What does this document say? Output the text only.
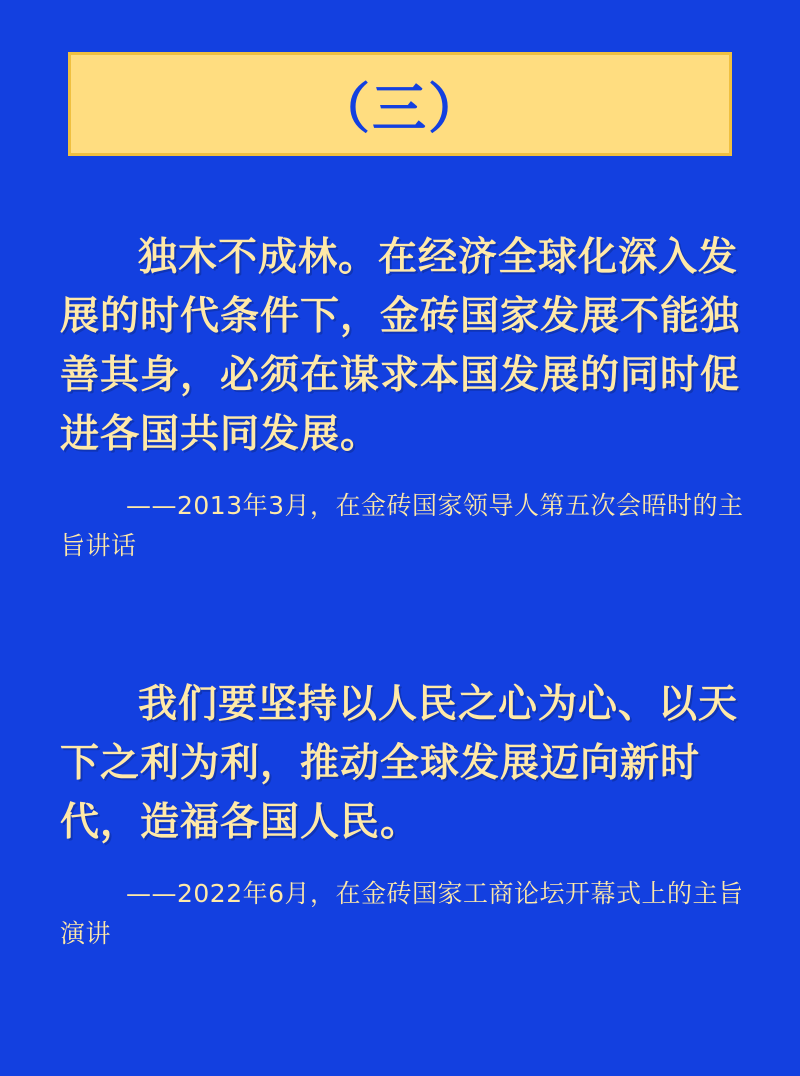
（三）

独木不成林。在经济全球化深入发展的时代条件下，金砖国家发展不能独善其身，必须在谋求本国发展的同时促进各国共同发展。

——2013年3月，在金砖国家领导人第五次会晤时的主旨讲话

我们要坚持以人民之心为心、以天下之利为利，推动全球发展迈向新时代，造福各国人民。

——2022年6月，在金砖国家工商论坛开幕式上的主旨演讲
